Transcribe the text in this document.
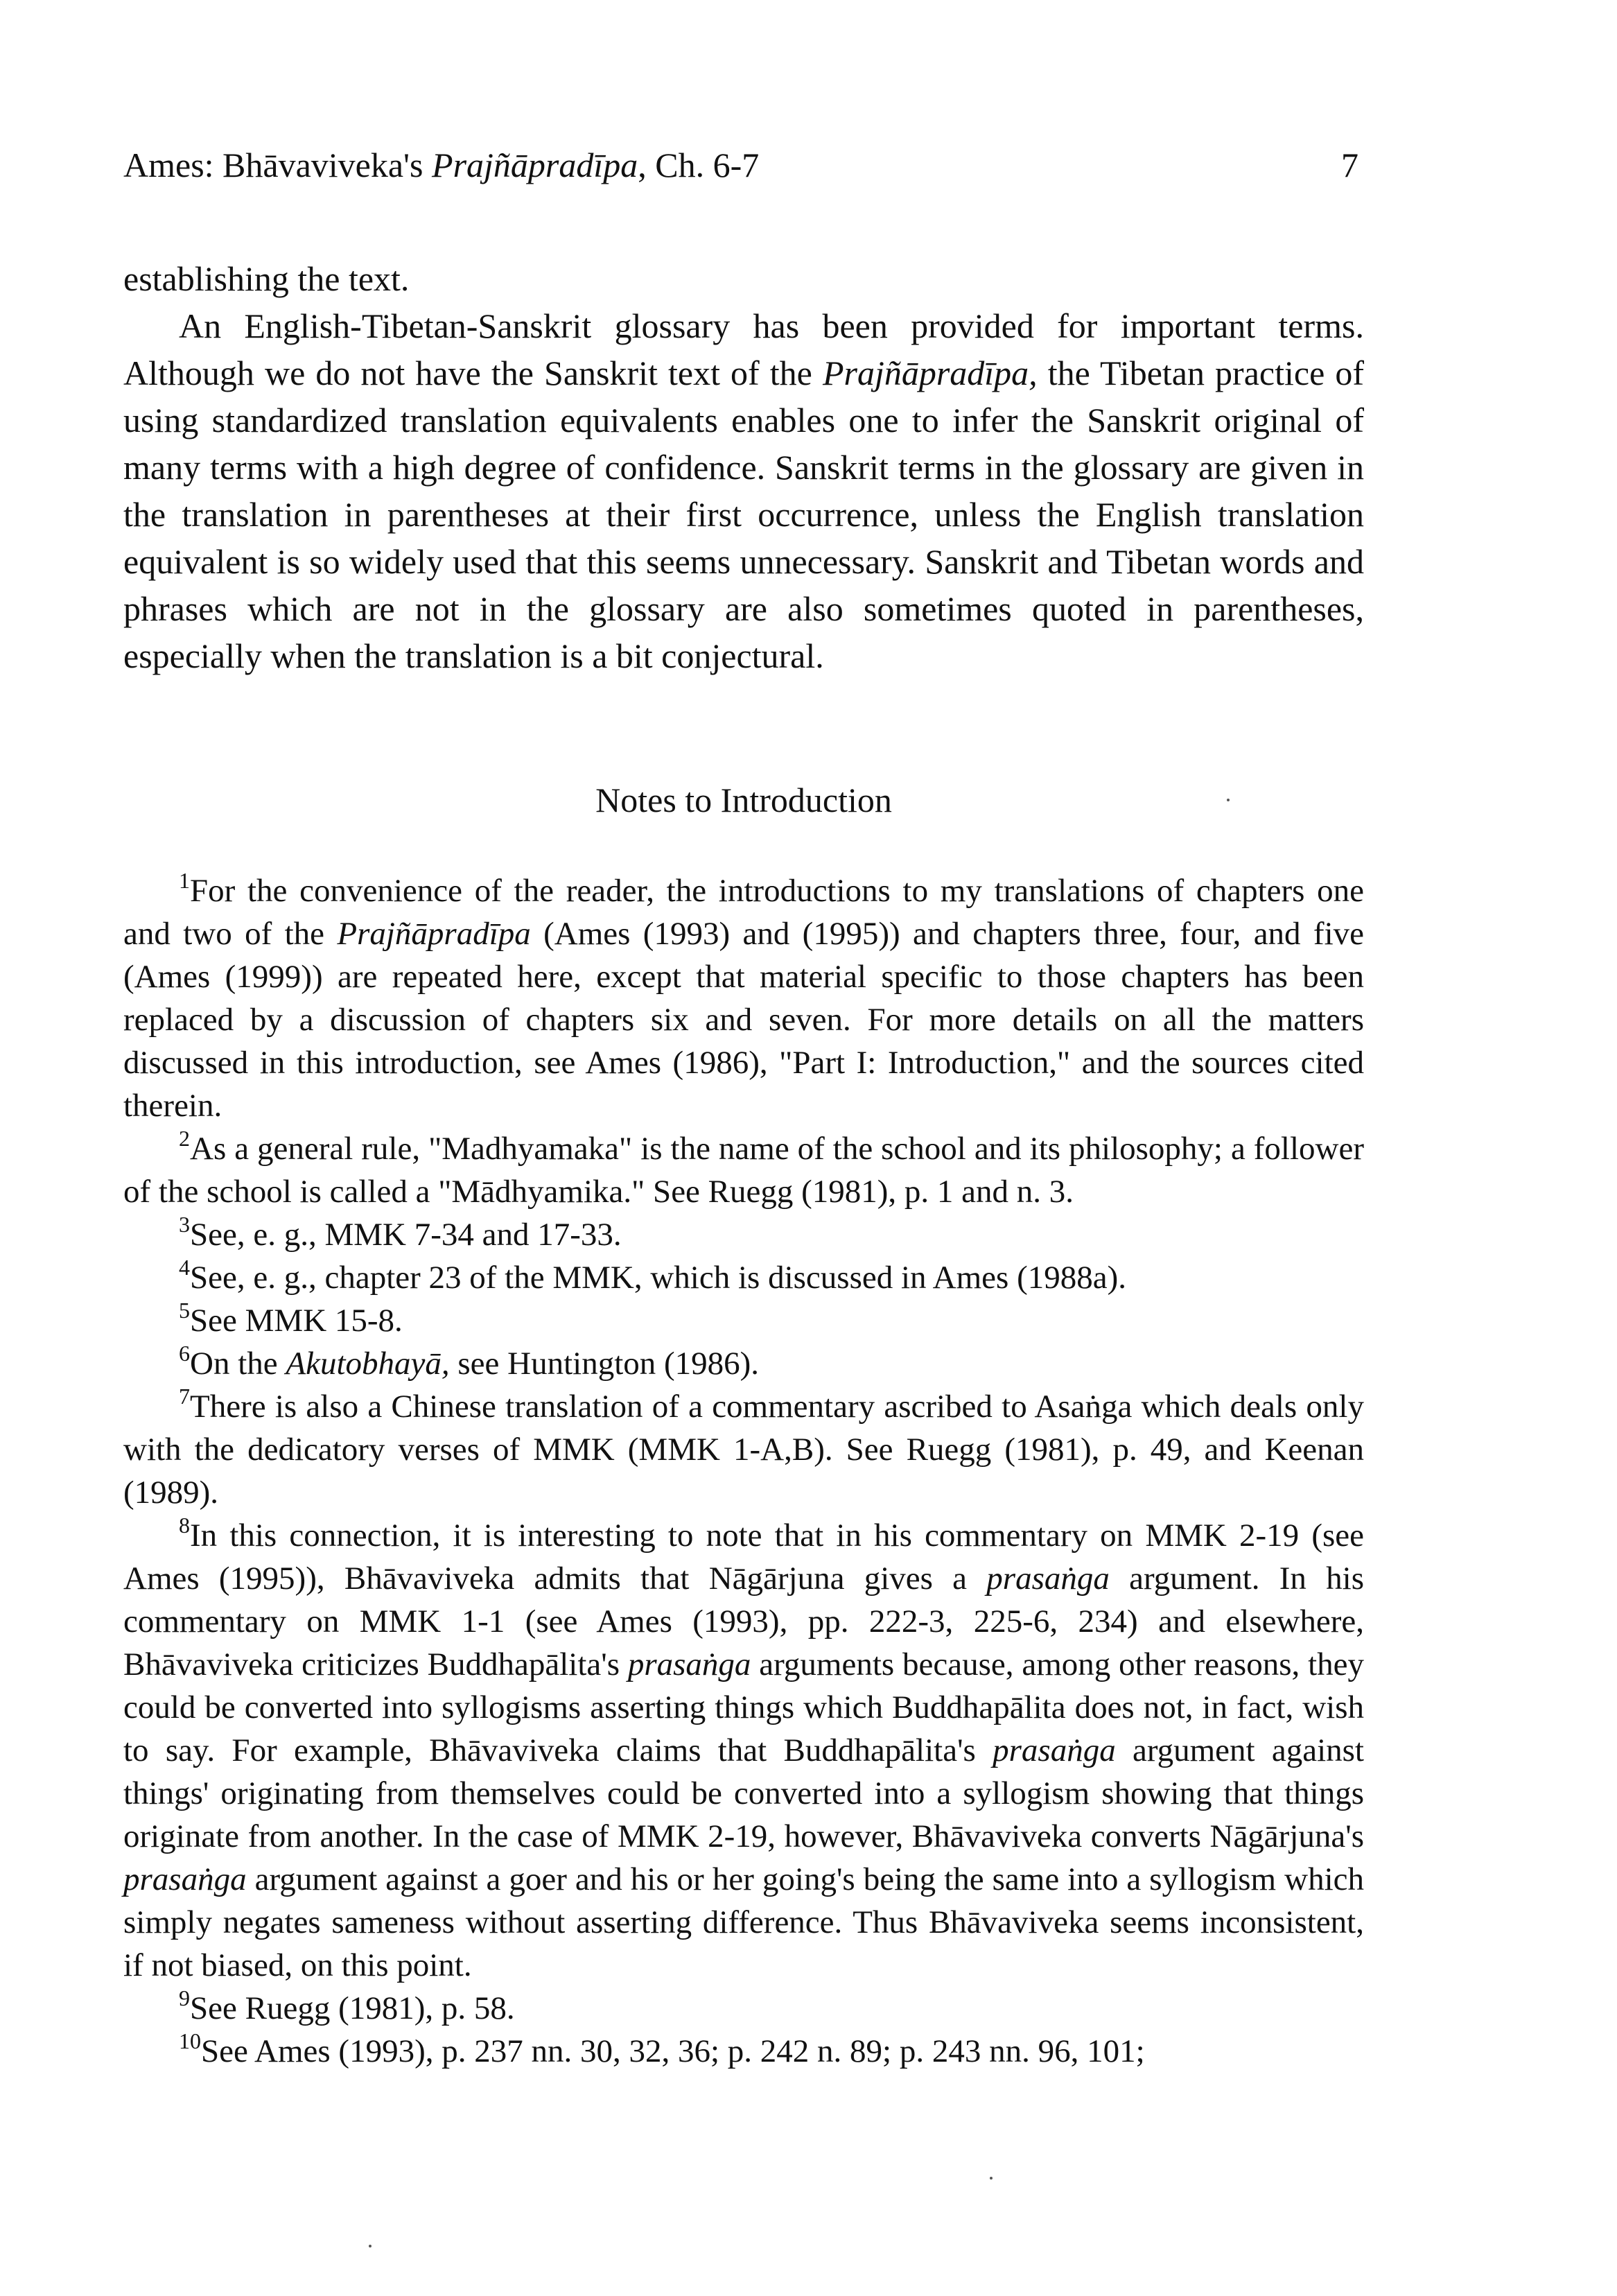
Ames: Bhāvaviveka's Prajñāpradīpa, Ch. 6-7	7

establishing the text.

An English-Tibetan-Sanskrit glossary has been provided for important terms. Although we do not have the Sanskrit text of the Prajñāpradīpa, the Tibetan practice of using standardized translation equivalents enables one to infer the Sanskrit original of many terms with a high degree of confidence. Sanskrit terms in the glossary are given in the translation in parentheses at their first occurrence, unless the English translation equivalent is so widely used that this seems unnecessary. Sanskrit and Tibetan words and phrases which are not in the glossary are also sometimes quoted in parentheses, especially when the translation is a bit conjectural.

Notes to Introduction

$^1$For the convenience of the reader, the introductions to my translations of chapters one and two of the Prajñāpradīpa (Ames (1993) and (1995)) and chapters three, four, and five (Ames (1999)) are repeated here, except that material specific to those chapters has been replaced by a discussion of chapters six and seven. For more details on all the matters discussed in this introduction, see Ames (1986), "Part I: Introduction," and the sources cited therein.

$^2$As a general rule, "Madhyamaka" is the name of the school and its philosophy; a follower of the school is called a "Mādhyamika." See Ruegg (1981), p. 1 and n. 3.

$^3$See, e. g., MMK 7-34 and 17-33.

$^4$See, e. g., chapter 23 of the MMK, which is discussed in Ames (1988a).

$^5$See MMK 15-8.

$^6$On the Akutobhayā, see Huntington (1986).

$^7$There is also a Chinese translation of a commentary ascribed to Asaṅga which deals only with the dedicatory verses of MMK (MMK 1-A,B). See Ruegg (1981), p. 49, and Keenan (1989).

$^8$In this connection, it is interesting to note that in his commentary on MMK 2-19 (see Ames (1995)), Bhāvaviveka admits that Nāgārjuna gives a prasaṅga argument. In his commentary on MMK 1-1 (see Ames (1993), pp. 222-3, 225-6, 234) and elsewhere, Bhāvaviveka criticizes Buddhapālita's prasaṅga arguments because, among other reasons, they could be converted into syllogisms asserting things which Buddhapālita does not, in fact, wish to say. For example, Bhāvaviveka claims that Buddhapālita's prasaṅga argument against things' originating from themselves could be converted into a syllogism showing that things originate from another. In the case of MMK 2-19, however, Bhāvaviveka converts Nāgārjuna's prasaṅga argument against a goer and his or her going's being the same into a syllogism which simply negates sameness without asserting difference. Thus Bhāvaviveka seems inconsistent, if not biased, on this point.

$^9$See Ruegg (1981), p. 58.

$^{10}$See Ames (1993), p. 237 nn. 30, 32, 36; p. 242 n. 89; p. 243 nn. 96, 101;
